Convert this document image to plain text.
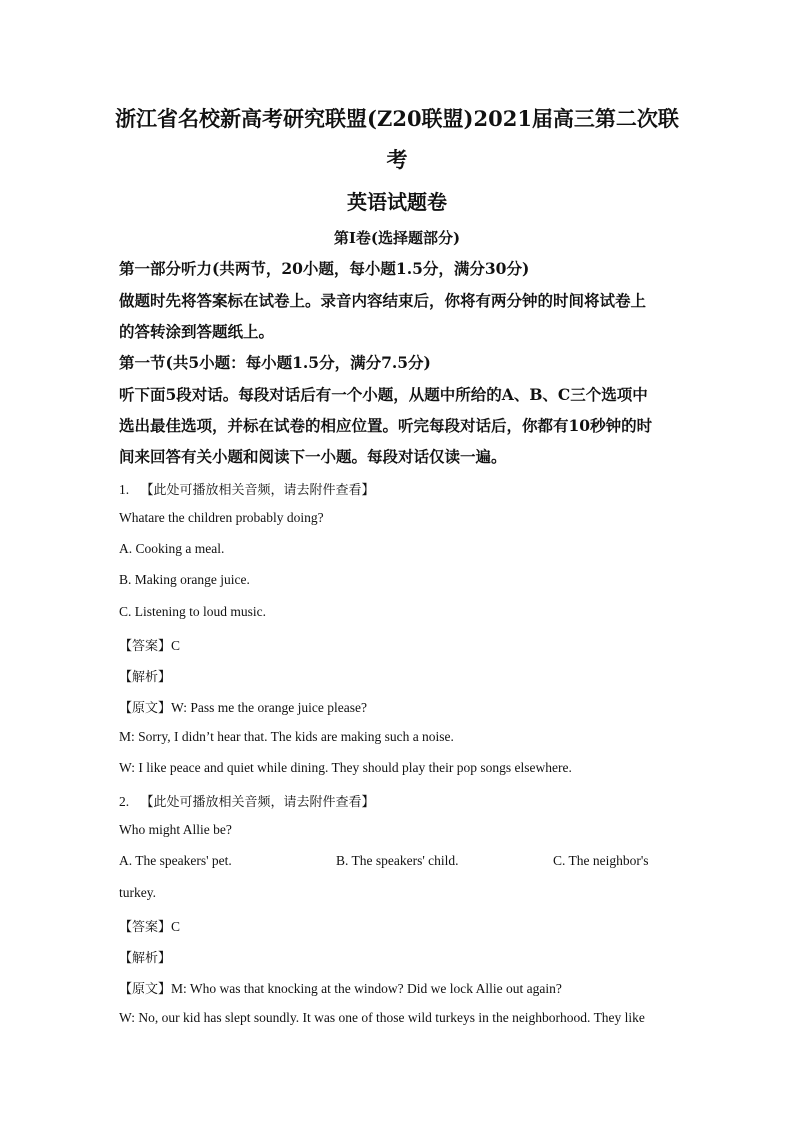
浙江省名校新高考研究联盟(Z20联盟)2021届高三第二次联
考
英语试题卷
第Ⅰ卷(选择题部分)
第一部分听力(共两节，20小题，每小题1.5分，满分30分)
做题时先将答案标在试卷上。录音内容结束后，你将有两分钟的时间将试卷上
的答转涂到答题纸上。
第一节(共5小题：每小题1.5分，满分7.5分)
听下面5段对话。每段对话后有一个小题，从题中所给的A、B、C三个选项中
选出最佳选项，并标在试卷的相应位置。听完每段对话后，你都有10秒钟的时
间来回答有关小题和阅读下一小题。每段对话仅读一遍。
1. 【此处可播放相关音频，请去附件查看】
Whatare the children probably doing?
A. Cooking a meal.
B. Making orange juice.
C. Listening to loud music.
【答案】C
【解析】
【原文】W: Pass me the orange juice please?
M: Sorry, I didn’t hear that. The kids are making such a noise.
W: I like peace and quiet while dining. They should play their pop songs elsewhere.
2. 【此处可播放相关音频，请去附件查看】
Who might Allie be?
A. The speakers' pet.	B. The speakers' child.	C. The neighbor's
turkey.
【答案】C
【解析】
【原文】M: Who was that knocking at the window? Did we lock Allie out again?
W: No, our kid has slept soundly. It was one of those wild turkeys in the neighborhood. They like
